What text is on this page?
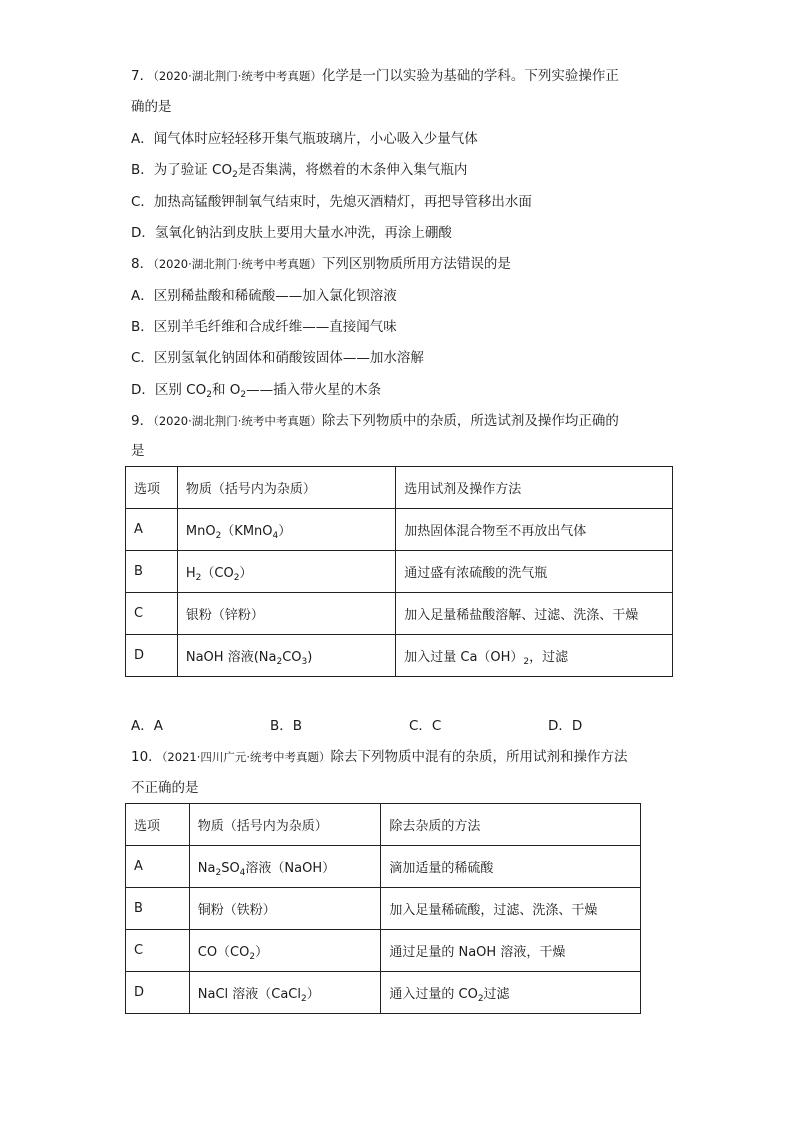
7．（2020·湖北荆门·统考中考真题）化学是一门以实验为基础的学科。下列实验操作正
确的是
A．闻气体时应轻轻移开集气瓶玻璃片，小心吸入少量气体
B．为了验证 $CO_2$是否集满，将燃着的木条伸入集气瓶内
C．加热高锰酸钾制氧气结束时，先熄灭酒精灯，再把导管移出水面
D．氢氧化钠沾到皮肤上要用大量水冲洗，再涂上硼酸
8．（2020·湖北荆门·统考中考真题）下列区别物质所用方法错误的是
A．区别稀盐酸和稀硫酸——加入氯化钡溶液
B．区别羊毛纤维和合成纤维——直接闻气味
C．区别氢氧化钠固体和硝酸铵固体——加水溶解
D．区别 $CO_2$和 $O_2——$插入带火星的木条
9．（2020·湖北荆门·统考中考真题）除去下列物质中的杂质，所选试剂及操作均正确的
是
选项	物质（括号内为杂质）	选用试剂及操作方法
A	MnO$_2$（KMnO$_4$）	加热固体混合物至不再放出气体
B	$H_2(CO_2)$	通过盛有浓硫酸的洗气瓶
C	银粉（锌粉）	加入足量稀盐酸溶解、过滤、洗涤、干燥
D	NaOH 溶液$(Na_2CO_3)$	加入过量 $Ca(OH)_2$，过滤
A．A	B．B	C．C	D．D
10．（2021·四川广元·统考中考真题）除去下列物质中混有的杂质，所用试剂和操作方法
不正确的是
选项	物质（括号内为杂质）	除去杂质的方法
A	$Na_2SO_4$溶液（NaOH）	滴加适量的稀硫酸
B	铜粉（铁粉）	加入足量稀硫酸，过滤、洗涤、干燥
C	$CO(CO_2)$	通过足量的 NaOH 溶液，干燥
D	NaCl 溶液（CaCl$_2$）	通入过量的 $CO_2$过滤
